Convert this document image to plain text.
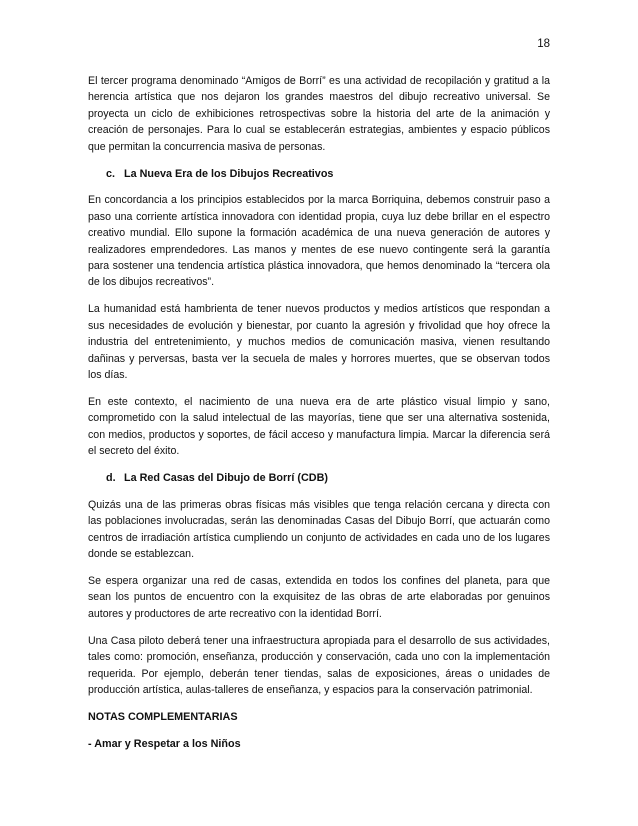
18

El tercer programa denominado “Amigos de Borrí” es una actividad de recopilación y gratitud a la herencia artística que nos dejaron los grandes maestros del dibujo recreativo universal. Se proyecta un ciclo de exhibiciones retrospectivas sobre la historia del arte de la animación y creación de personajes. Para lo cual se establecerán estrategias, ambientes y espacio públicos que permitan la concurrencia masiva de personas.

c. La Nueva Era de los Dibujos Recreativos

En concordancia a los principios establecidos por la marca Borriquina, debemos construir paso a paso una corriente artística innovadora con identidad propia, cuya luz debe brillar en el espectro creativo mundial. Ello supone la formación académica de una nueva generación de autores y realizadores emprendedores. Las manos y mentes de ese nuevo contingente será la garantía para sostener una tendencia artística plástica innovadora, que hemos denominado la “tercera ola de los dibujos recreativos”.

La humanidad está hambrienta de tener nuevos productos y medios artísticos que respondan a sus necesidades de evolución y bienestar, por cuanto la agresión y frivolidad que hoy ofrece la industria del entretenimiento, y muchos medios de comunicación masiva, vienen resultando dañinas y perversas, basta ver la secuela de males y horrores muertes, que se observan todos los días.

En este contexto, el nacimiento de una nueva era de arte plástico visual limpio y sano, comprometido con la salud intelectual de las mayorías, tiene que ser una alternativa sostenida, con medios, productos y soportes, de fácil acceso y manufactura limpia. Marcar la diferencia será el secreto del éxito.

d. La Red Casas del Dibujo de Borrí (CDB)

Quizás una de las primeras obras físicas más visibles que tenga relación cercana y directa con las poblaciones involucradas, serán las denominadas Casas del Dibujo Borrí, que actuarán como centros de irradiación artística cumpliendo un conjunto de actividades en cada uno de los lugares donde se establezcan.

Se espera organizar una red de casas, extendida en todos los confines del planeta, para que sean los puntos de encuentro con la exquisitez de las obras de arte elaboradas por genuinos autores y productores de arte recreativo con la identidad Borrí.

Una Casa piloto deberá tener una infraestructura apropiada para el desarrollo de sus actividades, tales como: promoción, enseñanza, producción y conservación, cada uno con la implementación requerida. Por ejemplo, deberán tener tiendas, salas de exposiciones, áreas o unidades de producción artística, aulas-talleres de enseñanza, y espacios para la conservación patrimonial.

NOTAS COMPLEMENTARIAS
- Amar y Respetar a los Niños
